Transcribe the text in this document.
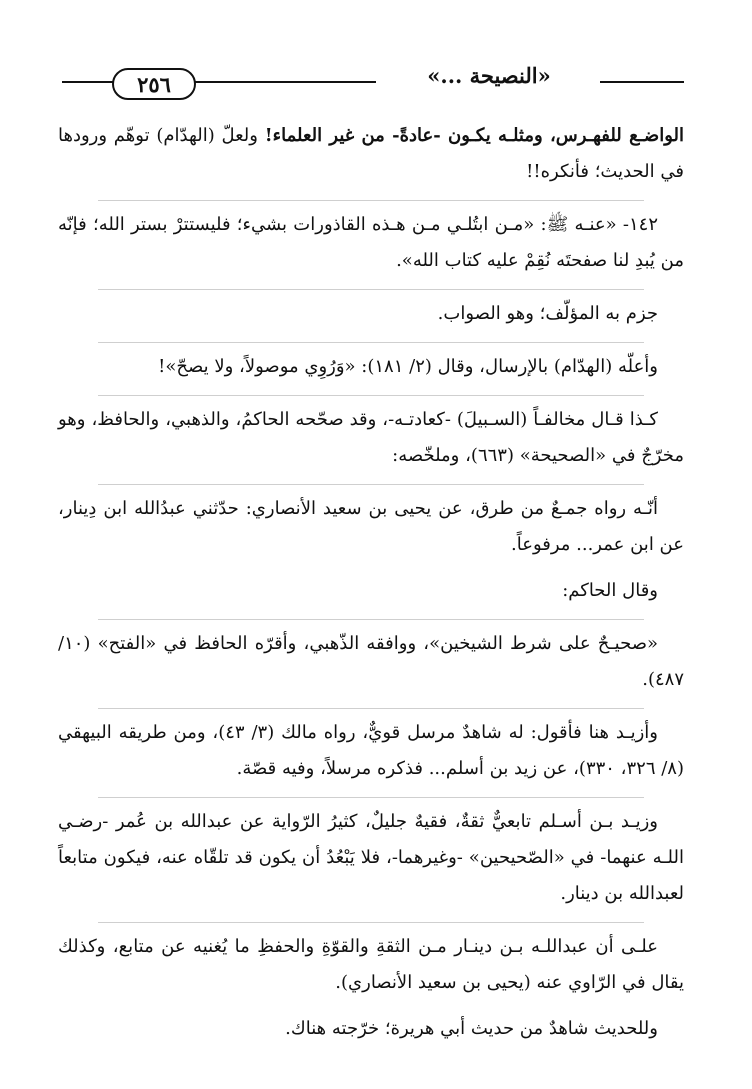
٢٥٦	«النصيحة ...»

الواضـع للفهـرس، ومثلـه يكـون -عادةً- من غير العلماء! ولعلّ (الهدّام) توهّم ورودها في الحديث؛ فأنكره!!

١٤٢- «عنـه ﷺ: «مـن ابتُلـي مـن هـذه القاذورات بشيء؛ فليستترْ بستر الله؛ فإنّه من يُبدِ لنا صفحتَه نُقِمْ عليه كتاب الله».

جزم به المؤلّف؛ وهو الصواب.

وأعلّه (الهدّام) بالإرسال، وقال (٢/ ١٨١): «وَرُوِي موصولاً، ولا يصحّ»!

كـذا قـال مخالفـاً (السـبيلَ) -كعادتـه-، وقد صحّحه الحاكمُ، والذهبي، والحافظ، وهو مخرّجٌ في «الصحيحة» (٦٦٣)، وملخّصه:

أنّـه رواه جمـعٌ من طرق، عن يحيى بن سعيد الأنصاري: حدّثني عبدُالله ابن دِينار، عن ابن عمر... مرفوعاً.

وقال الحاكم:

«صحيـحٌ على شرط الشيخين»، ووافقه الذّهبي، وأقرّه الحافظ في «الفتح» (١٠/ ٤٨٧).

وأزيـد هنا فأقول: له شاهدٌ مرسل قويٌّ، رواه مالك (٣/ ٤٣)، ومن طريقه البيهقي (٨/ ٣٢٦، ٣٣٠)، عن زيد بن أسلم... فذكره مرسلاً، وفيه قصّة.

وزيـد بـن أسـلم تابعيٌّ ثقةٌ، فقيهٌ جليلٌ، كثيرُ الرّواية عن عبدالله بن عُمر -رضـي اللـه عنهما- في «الصّحيحين» -وغيرهما-، فلا يَبْعُدُ أن يكون قد تلقّاه عنه، فيكون متابعاً لعبدالله بن دينار.

علـى أن عبداللـه بـن دينـار مـن الثقةِ والقوّةِ والحفظِ ما يُغنيه عن متابع، وكذلك يقال في الرّاوي عنه (يحيى بن سعيد الأنصاري).

وللحديث شاهدٌ من حديث أبي هريرة؛ خرّجته هناك.
